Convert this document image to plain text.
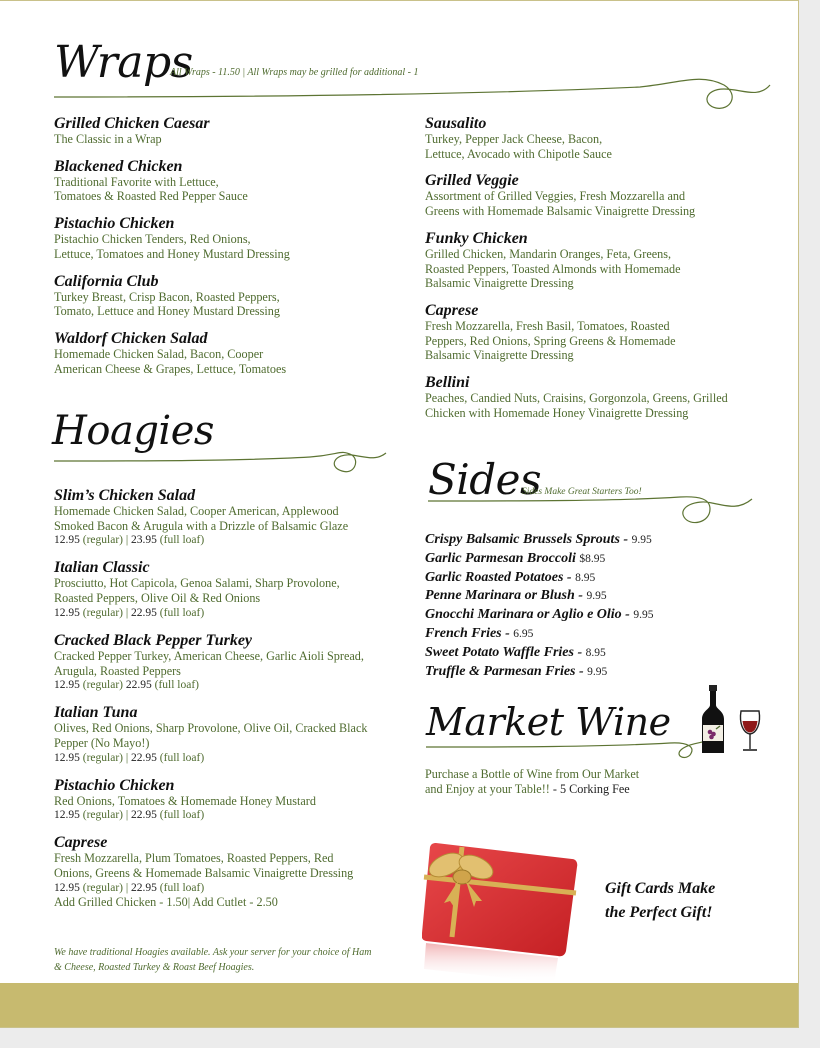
Wraps
All Wraps - 11.50 | All Wraps may be grilled for additional - 1
Grilled Chicken Caesar
The Classic in a Wrap
Blackened Chicken
Traditional Favorite with Lettuce,
Tomatoes & Roasted Red Pepper Sauce
Pistachio Chicken
Pistachio Chicken Tenders, Red Onions,
Lettuce, Tomatoes and Honey Mustard Dressing
California Club
Turkey Breast, Crisp Bacon, Roasted Peppers,
Tomato, Lettuce and Honey Mustard Dressing
Waldorf Chicken Salad
Homemade Chicken Salad, Bacon, Cooper
American Cheese & Grapes, Lettuce, Tomatoes
Sausalito
Turkey, Pepper Jack Cheese, Bacon,
Lettuce, Avocado with Chipotle Sauce
Grilled Veggie
Assortment of Grilled Veggies, Fresh Mozzarella and
Greens with Homemade Balsamic Vinaigrette Dressing
Funky Chicken
Grilled Chicken, Mandarin Oranges, Feta, Greens,
Roasted Peppers, Toasted Almonds with Homemade
Balsamic Vinaigrette Dressing
Caprese
Fresh Mozzarella, Fresh Basil, Tomatoes, Roasted
Peppers, Red Onions, Spring Greens & Homemade
Balsamic Vinaigrette Dressing
Bellini
Peaches, Candied Nuts, Craisins, Gorgonzola, Greens, Grilled
Chicken with Homemade Honey Vinaigrette Dressing
Hoagies
Slim’s Chicken Salad
Homemade Chicken Salad, Cooper American, Applewood
Smoked Bacon & Arugula with a Drizzle of Balsamic Glaze
12.95 (regular) | 23.95 (full loaf)
Italian Classic
Prosciutto, Hot Capicola, Genoa Salami, Sharp Provolone,
Roasted Peppers, Olive Oil & Red Onions
12.95 (regular) | 22.95 (full loaf)
Cracked Black Pepper Turkey
Cracked Pepper Turkey, American Cheese, Garlic Aioli Spread,
Arugula, Roasted Peppers
12.95 (regular) 22.95 (full loaf)
Italian Tuna
Olives, Red Onions, Sharp Provolone, Olive Oil, Cracked Black
Pepper (No Mayo!)
12.95 (regular) | 22.95 (full loaf)
Pistachio Chicken
Red Onions, Tomatoes & Homemade Honey Mustard
12.95 (regular) | 22.95 (full loaf)
Caprese
Fresh Mozzarella, Plum Tomatoes, Roasted Peppers, Red
Onions, Greens & Homemade Balsamic Vinaigrette Dressing
12.95 (regular) | 22.95 (full loaf)
Add Grilled Chicken - 1.50| Add Cutlet - 2.50
We have traditional Hoagies available. Ask your server for your choice of Ham
& Cheese, Roasted Turkey & Roast Beef Hoagies.
Sides
Sides Make Great Starters Too!
Crispy Balsamic Brussels Sprouts - 9.95
Garlic Parmesan Broccoli $8.95
Garlic Roasted Potatoes - 8.95
Penne Marinara or Blush - 9.95
Gnocchi Marinara or Aglio e Olio - 9.95
French Fries - 6.95
Sweet Potato Waffle Fries - 8.95
Truffle & Parmesan Fries - 9.95
Market Wine
Purchase a Bottle of Wine from Our Market
and Enjoy at your Table!! - 5 Corking Fee
Gift Cards Make
the Perfect Gift!
